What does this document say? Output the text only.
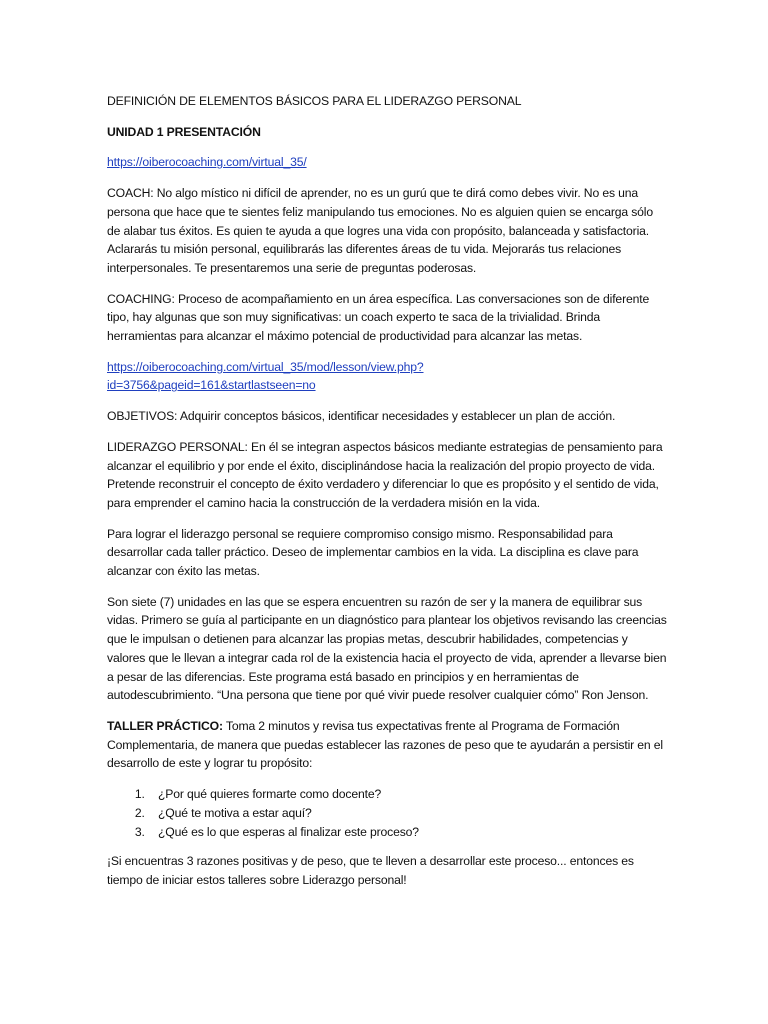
DEFINICIÓN DE ELEMENTOS BÁSICOS PARA EL LIDERAZGO PERSONAL

UNIDAD 1 PRESENTACIÓN

https://oiberocoaching.com/virtual_35/

COACH: No algo místico ni difícil de aprender, no es un gurú que te dirá como debes vivir. No es una persona que hace que te sientes feliz manipulando tus emociones. No es alguien quien se encarga sólo de alabar tus éxitos. Es quien te ayuda a que logres una vida con propósito, balanceada y satisfactoria. Aclararás tu misión personal, equilibrarás las diferentes áreas de tu vida. Mejorarás tus relaciones interpersonales. Te presentaremos una serie de preguntas poderosas.

COACHING: Proceso de acompañamiento en un área específica. Las conversaciones son de diferente tipo, hay algunas que son muy significativas: un coach experto te saca de la trivialidad. Brinda herramientas para alcanzar el máximo potencial de productividad para alcanzar las metas.

https://oiberocoaching.com/virtual_35/mod/lesson/view.php?
id=3756&pageid=161&startlastseen=no

OBJETIVOS: Adquirir conceptos básicos, identificar necesidades y establecer un plan de acción.

LIDERAZGO PERSONAL: En él se integran aspectos básicos mediante estrategias de pensamiento para alcanzar el equilibrio y por ende el éxito, disciplinándose hacia la realización del propio proyecto de vida. Pretende reconstruir el concepto de éxito verdadero y diferenciar lo que es propósito y el sentido de vida, para emprender el camino hacia la construcción de la verdadera misión en la vida.

Para lograr el liderazgo personal se requiere compromiso consigo mismo. Responsabilidad para desarrollar cada taller práctico. Deseo de implementar cambios en la vida. La disciplina es clave para alcanzar con éxito las metas.

Son siete (7) unidades en las que se espera encuentren su razón de ser y la manera de equilibrar sus vidas. Primero se guía al participante en un diagnóstico para plantear los objetivos revisando las creencias que le impulsan o detienen para alcanzar las propias metas, descubrir habilidades, competencias y valores que le llevan a integrar cada rol de la existencia hacia el proyecto de vida, aprender a llevarse bien a pesar de las diferencias. Este programa está basado en principios y en herramientas de autodescubrimiento. “Una persona que tiene por qué vivir puede resolver cualquier cómo” Ron Jenson.

TALLER PRÁCTICO: Toma 2 minutos y revisa tus expectativas frente al Programa de Formación Complementaria, de manera que puedas establecer las razones de peso que te ayudarán a persistir en el desarrollo de este y lograr tu propósito:

1. ¿Por qué quieres formarte como docente?
2. ¿Qué te motiva a estar aquí?
3. ¿Qué es lo que esperas al finalizar este proceso?

¡Si encuentras 3 razones positivas y de peso, que te lleven a desarrollar este proceso... entonces es tiempo de iniciar estos talleres sobre Liderazgo personal!
